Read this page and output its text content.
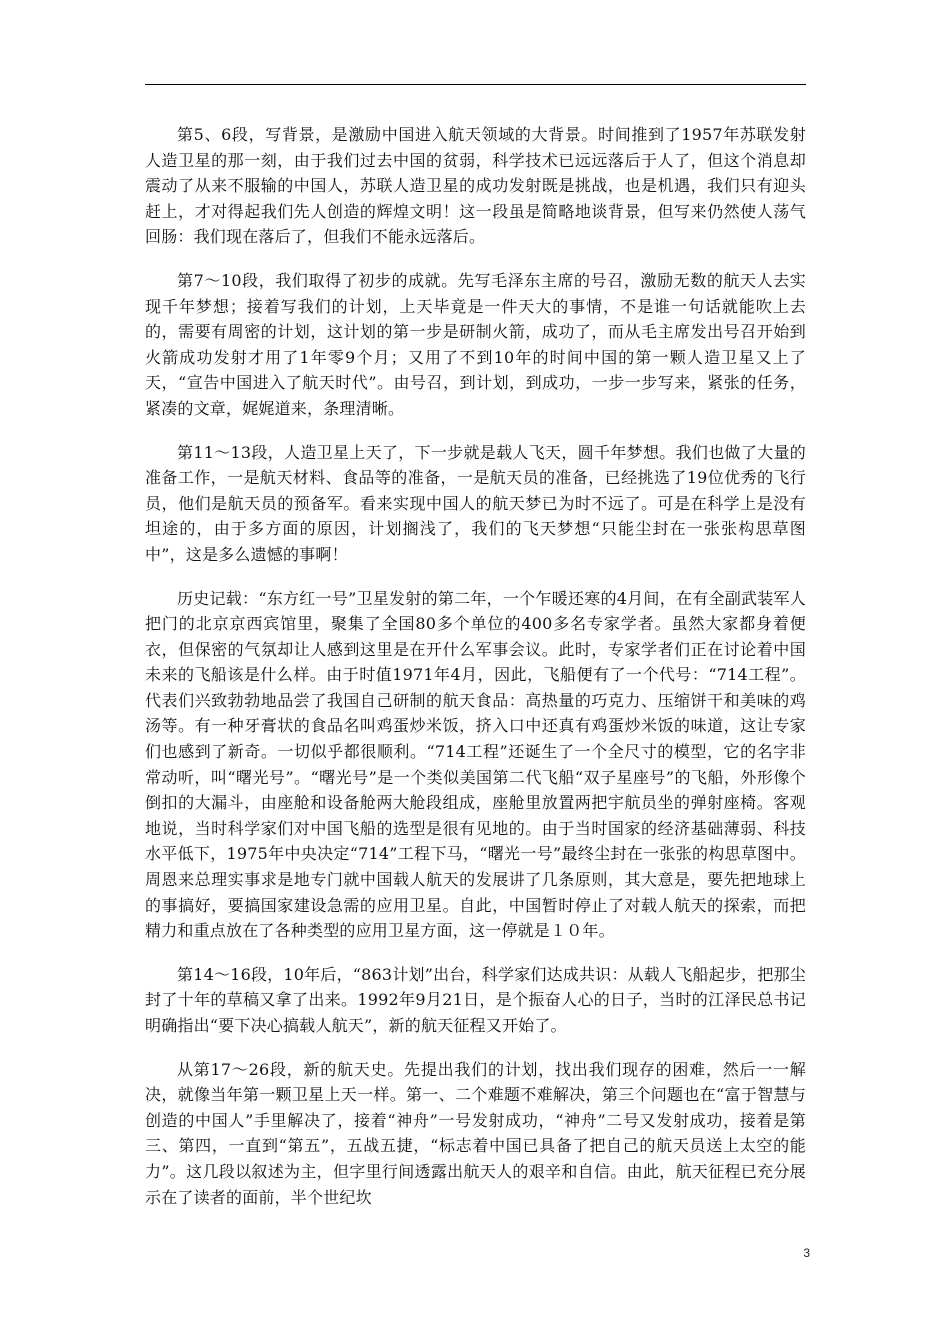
第5、6段，写背景，是激励中国进入航天领域的大背景。时间推到了1957年苏联发射人造卫星的那一刻，由于我们过去中国的贫弱，科学技术已远远落后于人了，但这个消息却震动了从来不服输的中国人，苏联人造卫星的成功发射既是挑战，也是机遇，我们只有迎头赶上，才对得起我们先人创造的辉煌文明！这一段虽是简略地谈背景，但写来仍然使人荡气回肠：我们现在落后了，但我们不能永远落后。

第7～10段，我们取得了初步的成就。先写毛泽东主席的号召，激励无数的航天人去实现千年梦想；接着写我们的计划，上天毕竟是一件天大的事情，不是谁一句话就能吹上去的，需要有周密的计划，这计划的第一步是研制火箭，成功了，而从毛主席发出号召开始到火箭成功发射才用了1年零9个月；又用了不到10年的时间中国的第一颗人造卫星又上了天，“宣告中国进入了航天时代”。由号召，到计划，到成功，一步一步写来，紧张的任务，紧凑的文章，娓娓道来，条理清晰。

第11～13段，人造卫星上天了，下一步就是载人飞天，圆千年梦想。我们也做了大量的准备工作，一是航天材料、食品等的准备，一是航天员的准备，已经挑选了19位优秀的飞行员，他们是航天员的预备军。看来实现中国人的航天梦已为时不远了。可是在科学上是没有坦途的，由于多方面的原因，计划搁浅了，我们的飞天梦想“只能尘封在一张张构思草图中”，这是多么遗憾的事啊！

历史记载：“东方红一号”卫星发射的第二年，一个乍暖还寒的4月间，在有全副武装军人把门的北京京西宾馆里，聚集了全国80多个单位的400多名专家学者。虽然大家都身着便衣，但保密的气氛却让人感到这里是在开什么军事会议。此时，专家学者们正在讨论着中国未来的飞船该是什么样。由于时值1971年4月，因此，飞船便有了一个代号：“714工程”。代表们兴致勃勃地品尝了我国自己研制的航天食品：高热量的巧克力、压缩饼干和美味的鸡汤等。有一种牙膏状的食品名叫鸡蛋炒米饭，挤入口中还真有鸡蛋炒米饭的味道，这让专家们也感到了新奇。一切似乎都很顺利。“714工程”还诞生了一个全尺寸的模型，它的名字非常动听，叫“曙光号”。“曙光号”是一个类似美国第二代飞船“双子星座号”的飞船，外形像个倒扣的大漏斗，由座舱和设备舱两大舱段组成，座舱里放置两把宇航员坐的弹射座椅。客观地说，当时科学家们对中国飞船的选型是很有见地的。由于当时国家的经济基础薄弱、科技水平低下，1975年中央决定“714”工程下马，“曙光一号”最终尘封在一张张的构思草图中。周恩来总理实事求是地专门就中国载人航天的发展讲了几条原则，其大意是，要先把地球上的事搞好，要搞国家建设急需的应用卫星。自此，中国暂时停止了对载人航天的探索，而把精力和重点放在了各种类型的应用卫星方面，这一停就是１０年。

第14～16段，10年后，“863计划”出台，科学家们达成共识：从载人飞船起步，把那尘封了十年的草稿又拿了出来。1992年9月21日，是个振奋人心的日子，当时的江泽民总书记明确指出“要下决心搞载人航天”，新的航天征程又开始了。

从第17～26段，新的航天史。先提出我们的计划，找出我们现存的困难，然后一一解决，就像当年第一颗卫星上天一样。第一、二个难题不难解决，第三个问题也在“富于智慧与创造的中国人”手里解决了，接着“神舟”一号发射成功，“神舟”二号又发射成功，接着是第三、第四，一直到“第五”，五战五捷，“标志着中国已具备了把自己的航天员送上太空的能力”。这几段以叙述为主，但字里行间透露出航天人的艰辛和自信。由此，航天征程已充分展示在了读者的面前，半个世纪坎

3
